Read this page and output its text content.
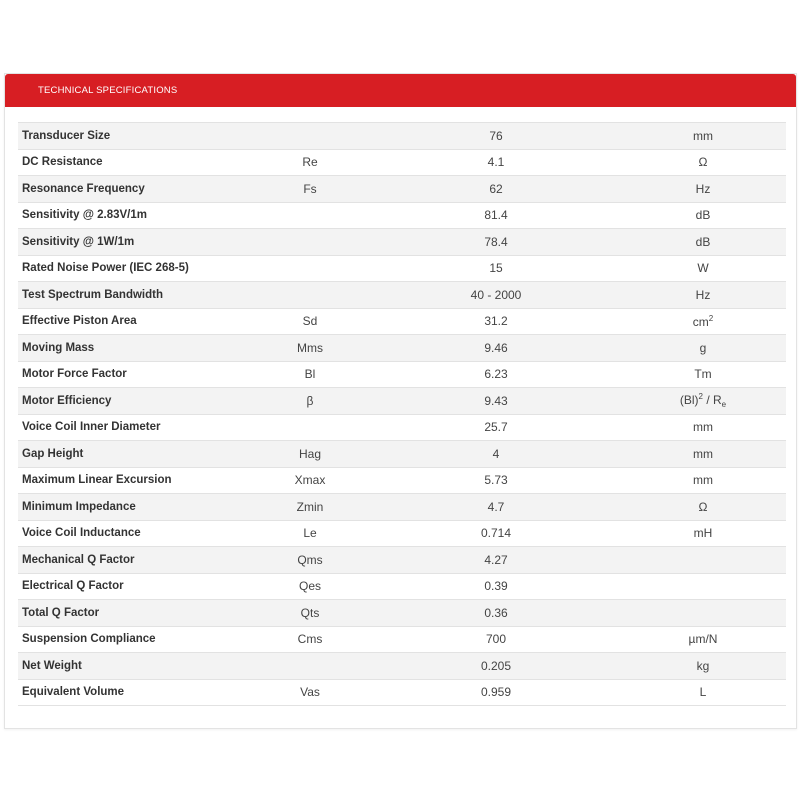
TECHNICAL SPECIFICATIONS
Transducer Size		76	mm
DC Resistance	Re	4.1	Ω
Resonance Frequency	Fs	62	Hz
Sensitivity @ 2.83V/1m		81.4	dB
Sensitivity @ 1W/1m		78.4	dB
Rated Noise Power (IEC 268-5)		15	W
Test Spectrum Bandwidth		40 - 2000	Hz
Effective Piston Area	Sd	31.2	$cm^2$
Moving Mass	Mms	9.46	g
Motor Force Factor	Bl	6.23	Tm
Motor Efficiency	β	9.43	$(Bl)^2 / R_e$
Voice Coil Inner Diameter		25.7	mm
Gap Height	Hag	4	mm
Maximum Linear Excursion	Xmax	5.73	mm
Minimum Impedance	Zmin	4.7	Ω
Voice Coil Inductance	Le	0.714	mH
Mechanical Q Factor	Qms	4.27	
Electrical Q Factor	Qes	0.39	
Total Q Factor	Qts	0.36	
Suspension Compliance	Cms	700	µm/N
Net Weight		0.205	kg
Equivalent Volume	Vas	0.959	L
